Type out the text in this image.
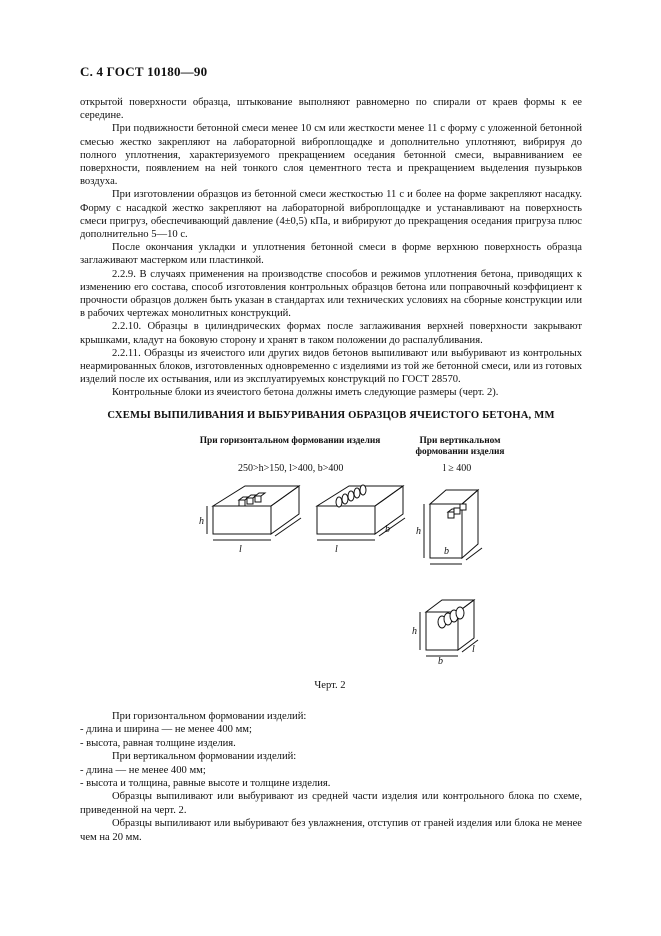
С. 4 ГОСТ 10180—90

открытой поверхности образца, штыкование выполняют равномерно по спирали от краев формы к ее середине.

При подвижности бетонной смеси менее 10 см или жесткости менее 11 с форму с уложенной бетонной смесью жестко закрепляют на лабораторной виброплощадке и дополнительно уплотняют, вибрируя до полного уплотнения, характеризуемого прекращением оседания бетонной смеси, выравниванием ее поверхности, появлением на ней тонкого слоя цементного теста и прекращением выделения пузырьков воздуха.

При изготовлении образцов из бетонной смеси жесткостью 11 с и более на форме закрепляют насадку. Форму с насадкой жестко закрепляют на лабораторной виброплощадке и устанавливают на поверхность смеси пригруз, обеспечивающий давление (4±0,5) кПа, и вибрируют до прекращения оседания пригруза плюс дополнительно 5—10 с.

После окончания укладки и уплотнения бетонной смеси в форме верхнюю поверхность образца заглаживают мастерком или пластинкой.

2.2.9. В случаях применения на производстве способов и режимов уплотнения бетона, приводящих к изменению его состава, способ изготовления контрольных образцов бетона или поправочный коэффициент к прочности образцов должен быть указан в стандартах или технических условиях на сборные конструкции или в рабочих чертежах монолитных конструкций.

2.2.10. Образцы в цилиндрических формах после заглаживания верхней поверхности закрывают крышками, кладут на боковую сторону и хранят в таком положении до распалубливания.

2.2.11. Образцы из ячеистого или других видов бетонов выпиливают или выбуривают из контрольных неармированных блоков, изготовленных одновременно с изделиями из той же бетонной смеси, или из готовых изделий после их остывания, или из эксплуатируемых конструкций по ГОСТ 28570.

Контрольные блоки из ячеистого бетона должны иметь следующие размеры (черт. 2).

СХЕМЫ ВЫПИЛИВАНИЯ И ВЫБУРИВАНИЯ ОБРАЗЦОВ ЯЧЕИСТОГО БЕТОНА, ММ
При горизонтальном формовании изделия	При вертикальном формовании изделия
250>h>150, l>400, b>400	l ≥ 400
h
l	l
b	h
b
h
b
l
Черт. 2

При горизонтальном формовании изделий:

- длина и ширина — не менее 400 мм;

- высота, равная толщине изделия.

При вертикальном формовании изделий:

- длина — не менее 400 мм;

- высота и толщина, равные высоте и толщине изделия.

Образцы выпиливают или выбуривают из средней части изделия или контрольного блока по схеме, приведенной на черт. 2.

Образцы выпиливают или выбуривают без увлажнения, отступив от граней изделия или блока не менее чем на 20 мм.
